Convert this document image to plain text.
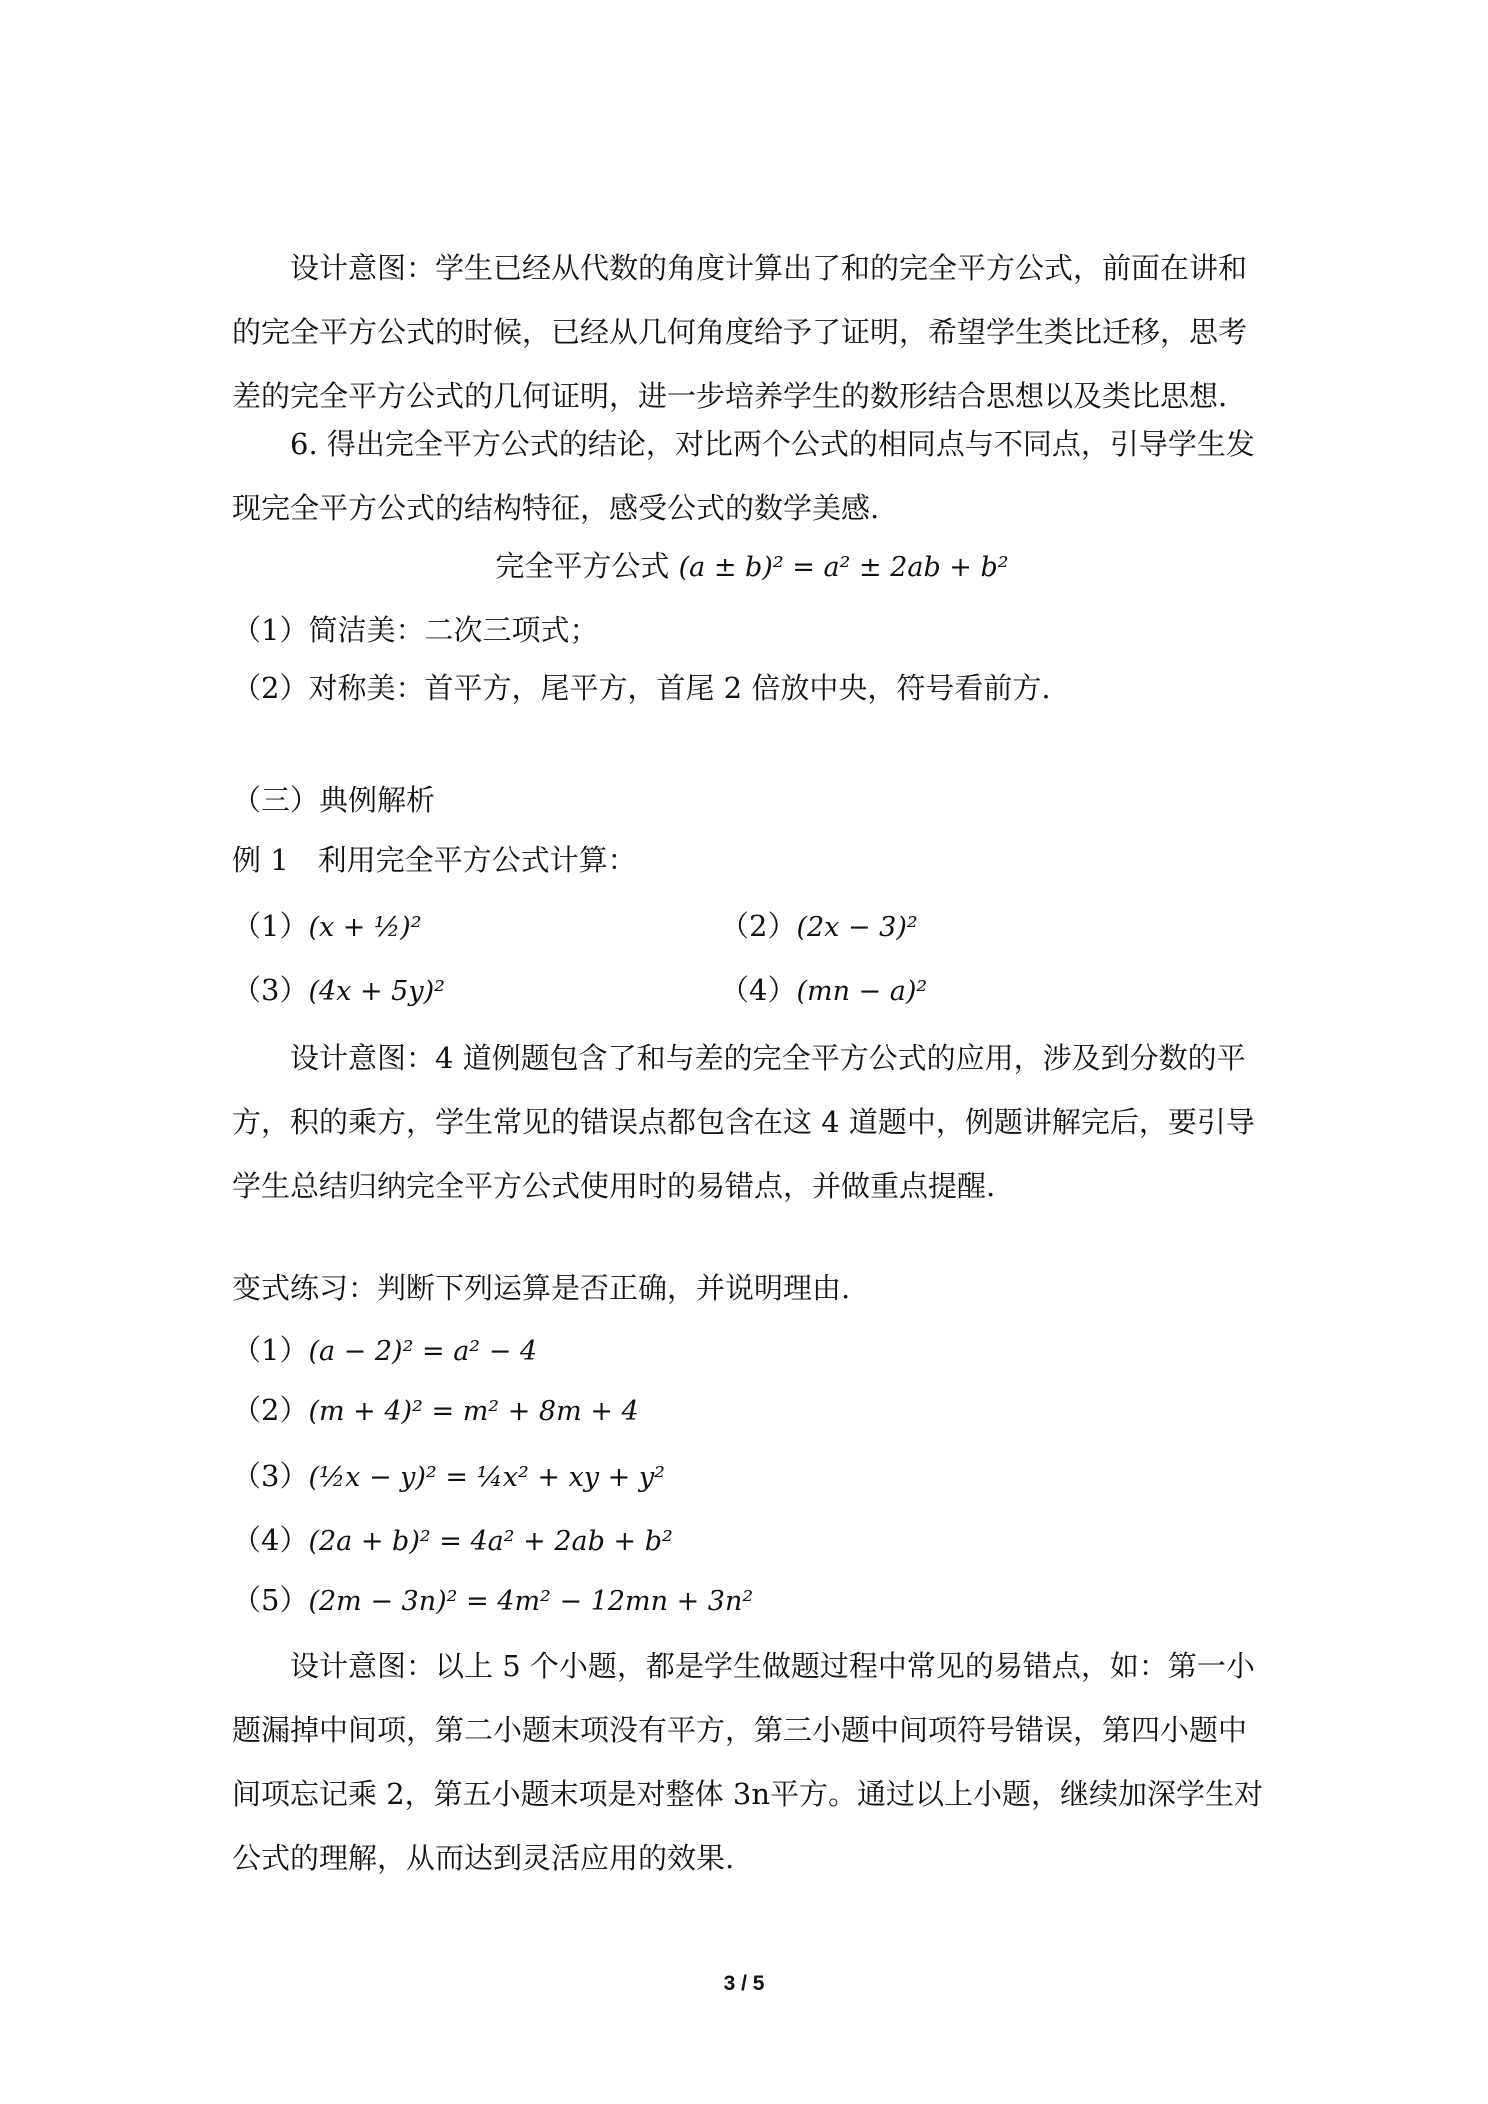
设计意图：学生已经从代数的角度计算出了和的完全平方公式，前面在讲和的完全平方公式的时候，已经从几何角度给予了证明，希望学生类比迁移，思考差的完全平方公式的几何证明，进一步培养学生的数形结合思想以及类比思想.

6. 得出完全平方公式的结论，对比两个公式的相同点与不同点，引导学生发现完全平方公式的结构特征，感受公式的数学美感.

完全平方公式 (a ± b)² = a² ± 2ab + b²
（1）简洁美：二次三项式；
（2）对称美：首平方，尾平方，首尾 2 倍放中央，符号看前方.
（三）典例解析
例 1　利用完全平方公式计算：
（1）(x + ½)²	（2）(2x − 3)²
（3）(4x + 5y)²	（4）(mn − a)²

设计意图：4 道例题包含了和与差的完全平方公式的应用，涉及到分数的平方，积的乘方，学生常见的错误点都包含在这 4 道题中，例题讲解完后，要引导学生总结归纳完全平方公式使用时的易错点，并做重点提醒.

变式练习：判断下列运算是否正确，并说明理由.
（1）(a − 2)² = a² − 4
（2）(m + 4)² = m² + 8m + 4
（3）(½x − y)² = ¼x² + xy + y²
（4）(2a + b)² = 4a² + 2ab + b²
（5）(2m − 3n)² = 4m² − 12mn + 3n²

设计意图：以上 5 个小题，都是学生做题过程中常见的易错点，如：第一小题漏掉中间项，第二小题末项没有平方，第三小题中间项符号错误，第四小题中间项忘记乘 2，第五小题末项是对整体 3n平方。通过以上小题，继续加深学生对公式的理解，从而达到灵活应用的效果.

3 / 5
